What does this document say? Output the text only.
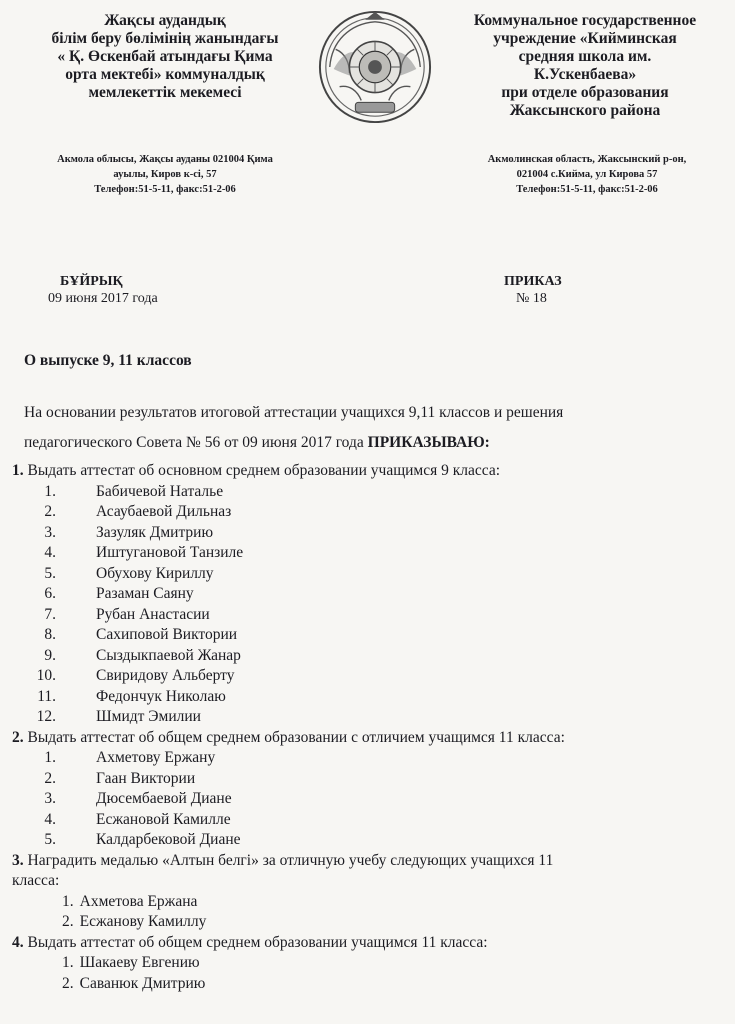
Жақсы аудандық
білім беру бөлімінің жанындағы
« Қ. Өскенбай атындағы Қима
орта мектебі» коммуналдық
мемлекеттік мекемесі
Коммунальное государственное
учреждение «Кийминская
средняя школа им.
К.Ускенбаева»
при отделе образования
Жаксынского района
Акмола облысы, Жақсы ауданы 021004 Қима
ауылы, Киров к-сі, 57
Телефон:51-5-11, факс:51-2-06
Акмолинская область, Жаксынский р-он,
021004 с.Кийма, ул Кирова 57
Телефон:51-5-11, факс:51-2-06
БҰЙРЫҚ
09 июня 2017 года
ПРИКАЗ
№ 18
О выпуске 9, 11 классов
На основании результатов итоговой аттестации учащихся 9,11 классов и решения
педагогического Совета № 56 от 09 июня 2017 года ПРИКАЗЫВАЮ:
1. Выдать аттестат об основном среднем образовании учащимся 9 класса:
1.	Бабичевой Наталье
2.	Асаубаевой Дильназ
3.	Зазуляк Дмитрию
4.	Иштугановой Танзиле
5.	Обухову Кириллу
6.	Разаман Саяну
7.	Рубан Анастасии
8.	Сахиповой Виктории
9.	Сыздыкпаевой Жанар
10.	Свиридову Альберту
11.	Федончук Николаю
12.	Шмидт Эмилии
2. Выдать аттестат об общем среднем образовании с отличием учащимся 11 класса:
1.	Ахметову Ержану
2.	Гаан Виктории
3.	Дюсембаевой Диане
4.	Есжановой Камилле
5.	Калдарбековой Диане
3. Наградить медалью «Алтын белгі» за отличную учебу следующих учащихся 11
класса:
1. Ахметова Ержана
2. Есжанову Камиллу
4. Выдать аттестат об общем среднем образовании учащимся 11 класса:
1. Шакаеву Евгению
2. Саванюк Дмитрию
